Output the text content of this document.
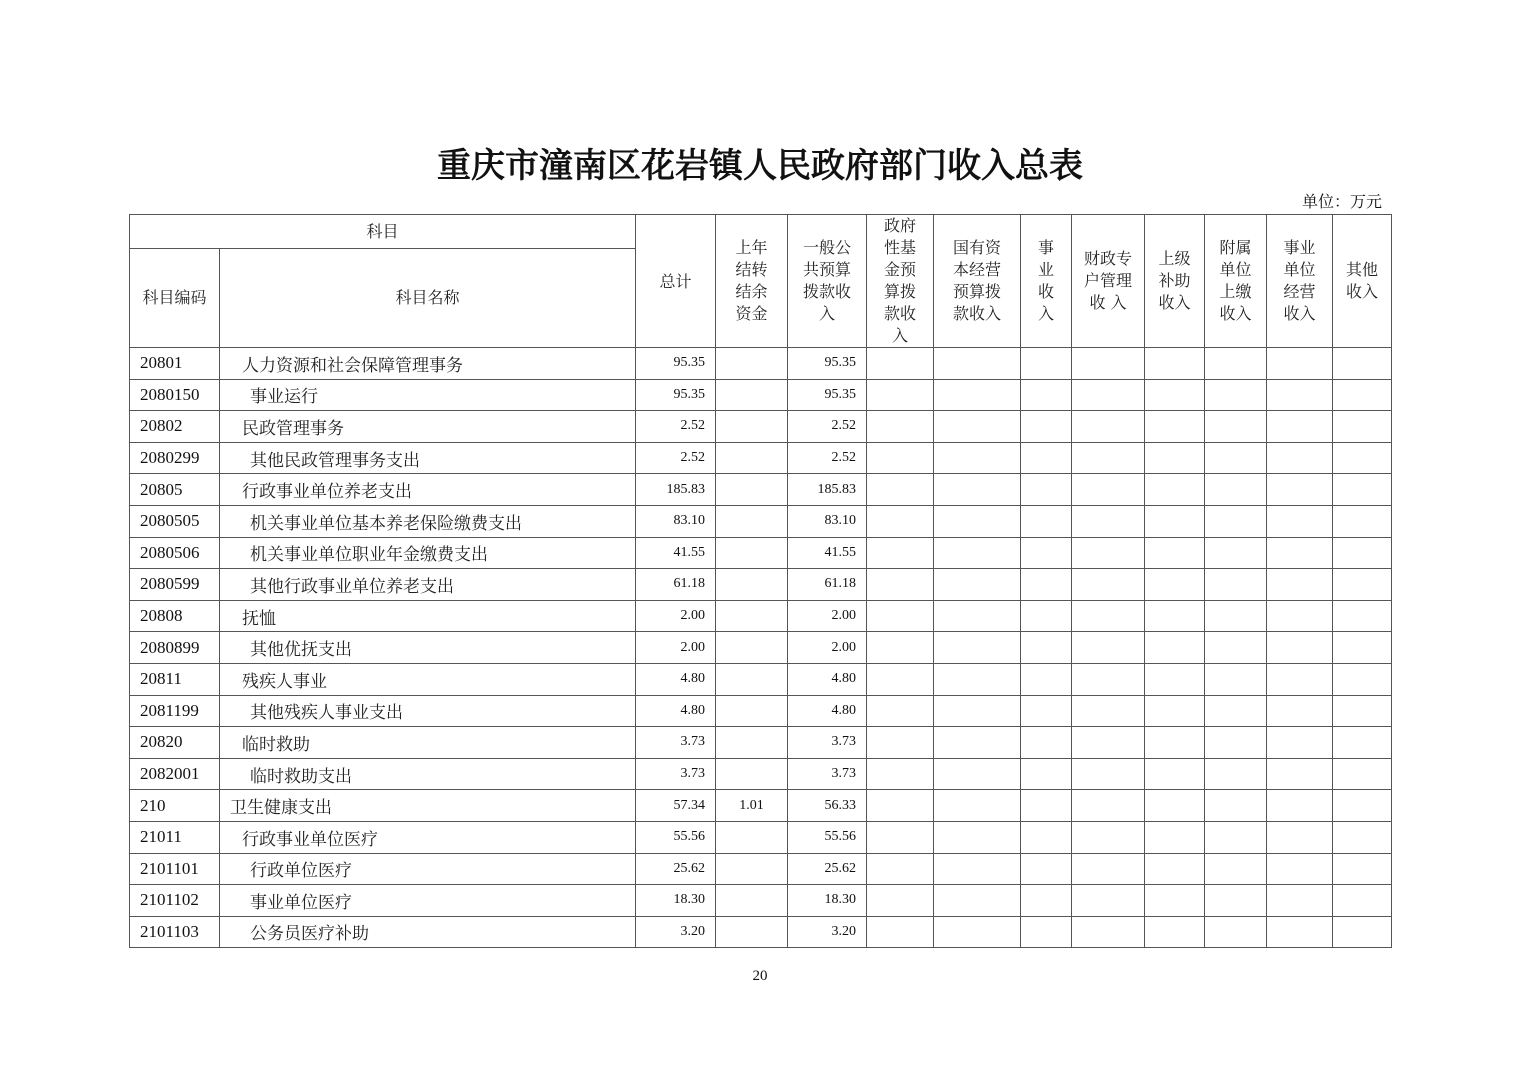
重庆市潼南区花岩镇人民政府部门收入总表
单位：万元
科目		总计	上年结转结余资金	一般公共预算拨款收入	政府性基金预算拨款收入	国有资本经营预算拨款收入	事业收入	财政专户管理收 入	上级补助收入	附属单位上缴收入	事业单位经营收入	其他收入
科目编码	科目名称											
20801	人力资源和社会保障管理事务	95.35		95.35								
2080150	事业运行	95.35		95.35								
20802	民政管理事务	2.52		2.52								
2080299	其他民政管理事务支出	2.52		2.52								
20805	行政事业单位养老支出	185.83		185.83								
2080505	机关事业单位基本养老保险缴费支出	83.10		83.10								
2080506	机关事业单位职业年金缴费支出	41.55		41.55								
2080599	其他行政事业单位养老支出	61.18		61.18								
20808	抚恤	2.00		2.00								
2080899	其他优抚支出	2.00		2.00								
20811	残疾人事业	4.80		4.80								
2081199	其他残疾人事业支出	4.80		4.80								
20820	临时救助	3.73		3.73								
2082001	临时救助支出	3.73		3.73								
210	卫生健康支出	57.34	1.01	56.33								
21011	行政事业单位医疗	55.56		55.56								
2101101	行政单位医疗	25.62		25.62								
2101102	事业单位医疗	18.30		18.30								
2101103	公务员医疗补助	3.20		3.20								
20
